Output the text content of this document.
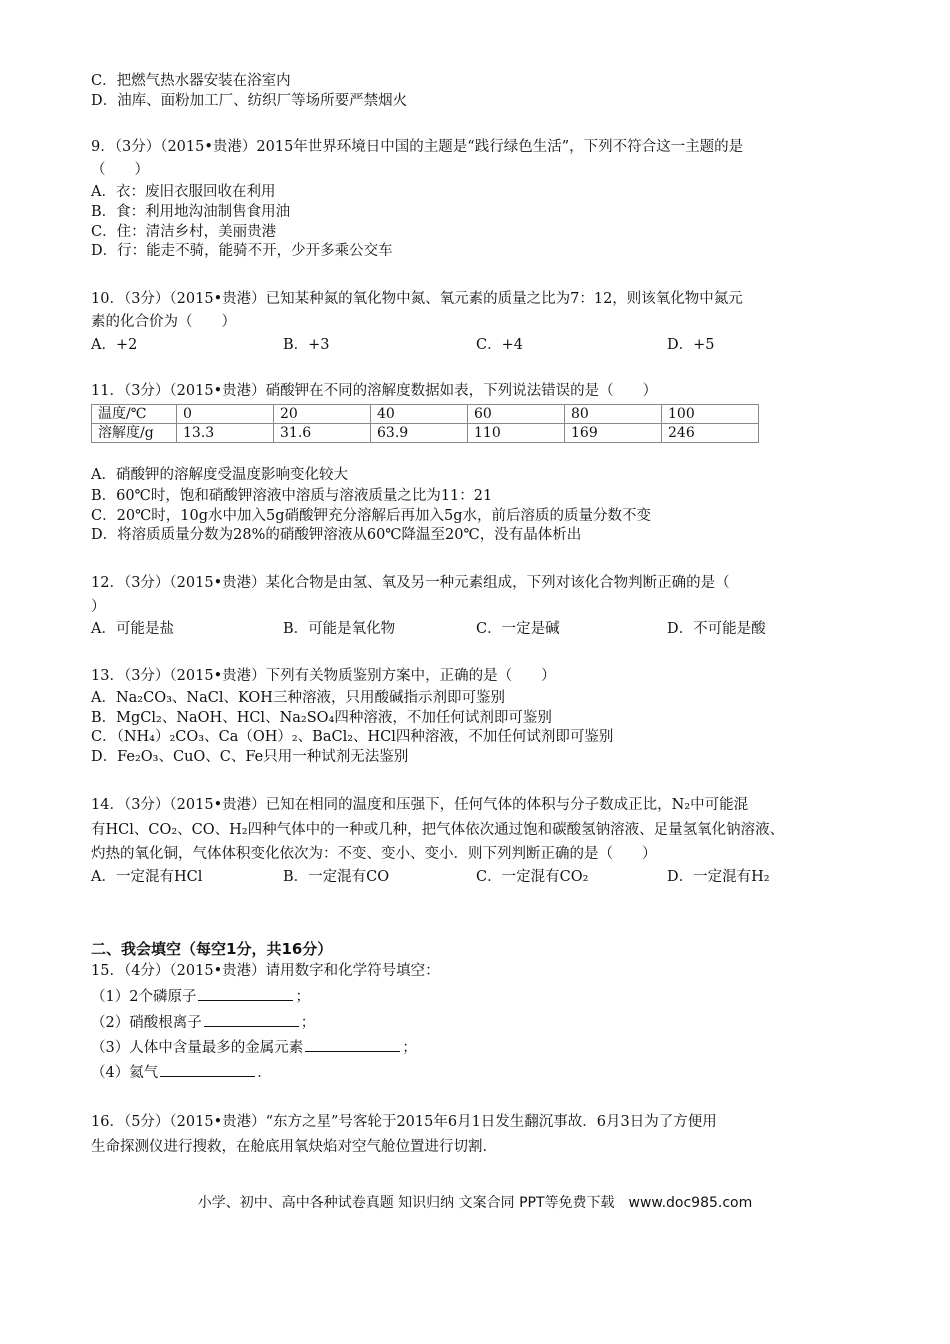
C．把燃气热水器安装在浴室内
D．油库、面粉加工厂、纺织厂等场所要严禁烟火
9．（3分）（2015•贵港）2015年世界环境日中国的主题是“践行绿色生活”，下列不符合这一主题的是
（　　）
A．衣：废旧衣服回收在利用
B．食：利用地沟油制售食用油
C．住：清洁乡村，美丽贵港
D．行：能走不骑，能骑不开，少开多乘公交车
10．（3分）（2015•贵港）已知某种氮的氧化物中氮、氧元素的质量之比为7：12，则该氧化物中氮元
素的化合价为（　　）
A．+2	B．+3	C．+4	D．+5
11．（3分）（2015•贵港）硝酸钾在不同的溶解度数据如表，下列说法错误的是（　　）
温度/℃	0	20	40	60	80	100
溶解度/g	13.3	31.6	63.9	110	169	246
A．硝酸钾的溶解度受温度影响变化较大
B．60℃时，饱和硝酸钾溶液中溶质与溶液质量之比为11：21
C．20℃时，10g水中加入5g硝酸钾充分溶解后再加入5g水，前后溶质的质量分数不变
D．将溶质质量分数为28%的硝酸钾溶液从60℃降温至20℃，没有晶体析出
12．（3分）（2015•贵港）某化合物是由氢、氧及另一种元素组成，下列对该化合物判断正确的是（
）
A．可能是盐	B．可能是氧化物	C．一定是碱	D．不可能是酸
13．（3分）（2015•贵港）下列有关物质鉴别方案中，正确的是（　　）
A．Na₂CO₃、NaCl、KOH三种溶液，只用酸碱指示剂即可鉴别
B．MgCl₂、NaOH、HCl、Na₂SO₄四种溶液，不加任何试剂即可鉴别
C．（NH₄）₂CO₃、Ca（OH）₂、BaCl₂、HCl四种溶液，不加任何试剂即可鉴别
D．Fe₂O₃、CuO、C、Fe只用一种试剂无法鉴别
14．（3分）（2015•贵港）已知在相同的温度和压强下，任何气体的体积与分子数成正比，N₂中可能混
有HCl、CO₂、CO、H₂四种气体中的一种或几种，把气体依次通过饱和碳酸氢钠溶液、足量氢氧化钠溶液、
灼热的氧化铜，气体体积变化依次为：不变、变小、变小．则下列判断正确的是（　　）
A．一定混有HCl	B．一定混有CO	C．一定混有CO₂	D．一定混有H₂
二、我会填空（每空1分，共16分）
15．（4分）（2015•贵港）请用数字和化学符号填空：
（1）2个磷原子	；
（2）硝酸根离子	；
（3）人体中含量最多的金属元素	；
（4）氦气	．
16．（5分）（2015•贵港）“东方之星”号客轮于2015年6月1日发生翻沉事故．6月3日为了方便用
生命探测仪进行搜救，在舱底用氧炔焰对空气舱位置进行切割．
小学、初中、高中各种试卷真题 知识归纳 文案合同 PPT等免费下载　www.doc985.com
